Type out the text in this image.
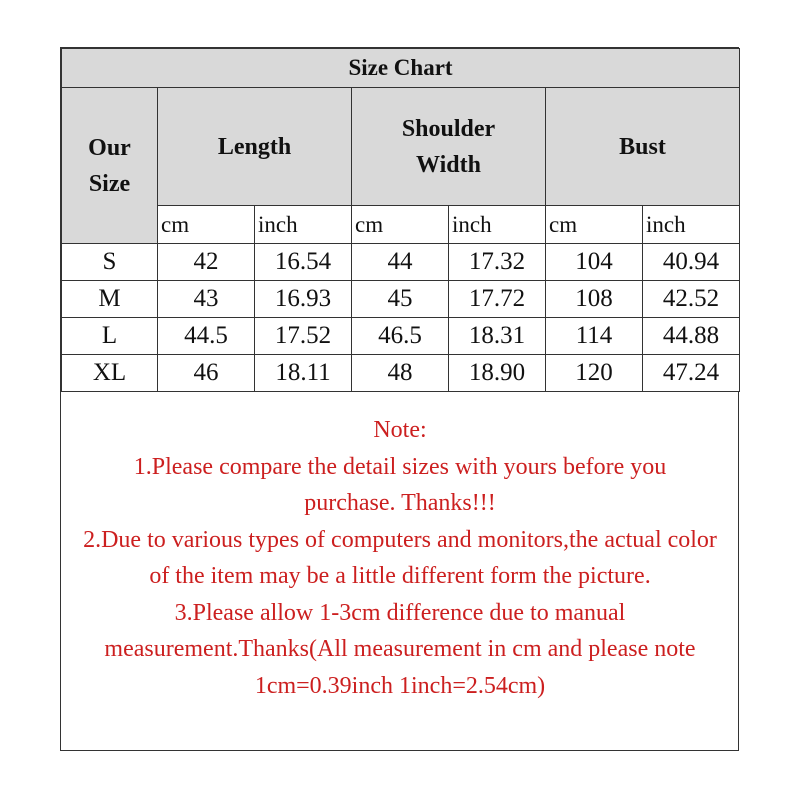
Size Chart						
Our Size	Length		Shoulder Width		Bust	
	cm	inch	cm	inch	cm	inch
S	42	16.54	44	17.32	104	40.94
M	43	16.93	45	17.72	108	42.52
L	44.5	17.52	46.5	18.31	114	44.88
XL	46	18.11	48	18.90	120	47.24
Note:
1.Please compare the detail sizes with yours before you purchase. Thanks!!!
2.Due to various types of computers and monitors,the actual color of the item may be a little different form the picture.
3.Please allow 1-3cm difference due to manual measurement.Thanks(All measurement in cm and please note 1cm=0.39inch 1inch=2.54cm)
